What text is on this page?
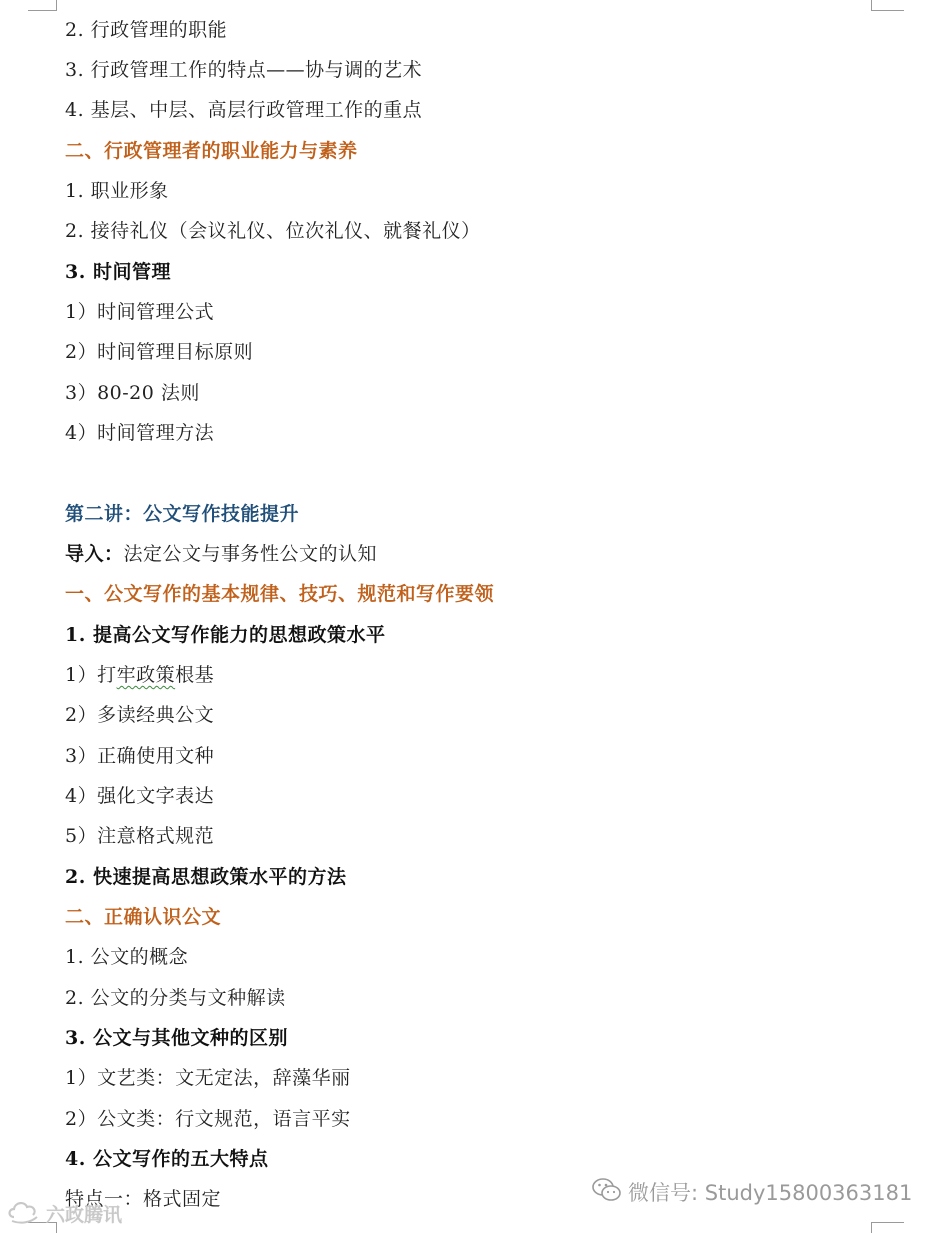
2. 行政管理的职能
3. 行政管理工作的特点——协与调的艺术
4. 基层、中层、高层行政管理工作的重点
二、行政管理者的职业能力与素养
1. 职业形象
2. 接待礼仪（会议礼仪、位次礼仪、就餐礼仪）
3. 时间管理
1）时间管理公式
2）时间管理目标原则
3）80-20 法则
4）时间管理方法
第二讲：公文写作技能提升
导入：法定公文与事务性公文的认知
一、公文写作的基本规律、技巧、规范和写作要领
1. 提高公文写作能力的思想政策水平
1）打牢政策根基
2）多读经典公文
3）正确使用文种
4）强化文字表达
5）注意格式规范
2. 快速提高思想政策水平的方法
二、正确认识公文
1. 公文的概念
2. 公文的分类与文种解读
3. 公文与其他文种的区别
1）文艺类：文无定法，辞藻华丽
2）公文类：行文规范，语言平实
4. 公文写作的五大特点
特点一：格式固定	微信号: Study15800363181
六政腾讯
